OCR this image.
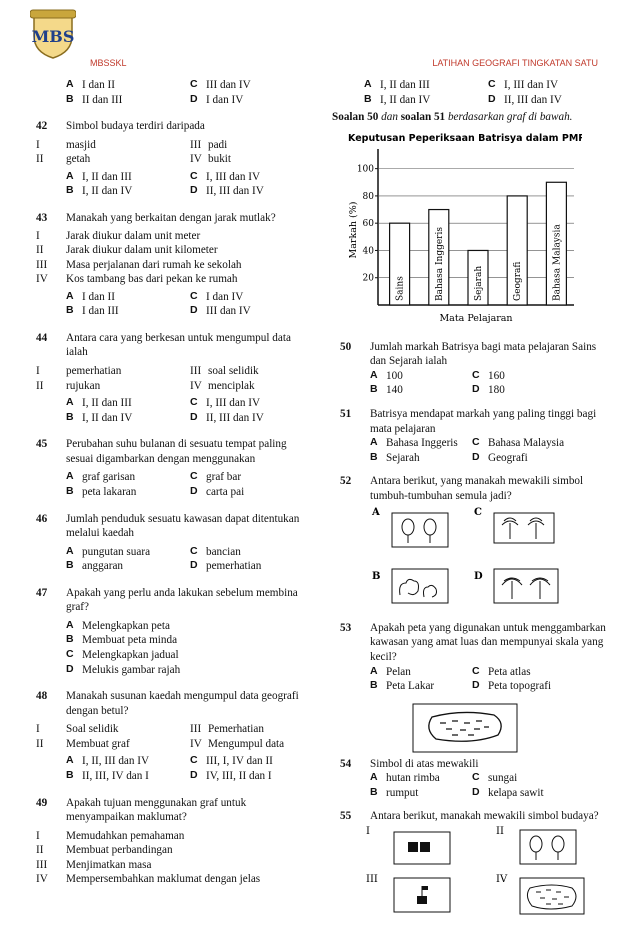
MBS
MBSSKL	LATIHAN GEOGRAFI TINGKATAN SATU
A I dan II	C III dan IV
B II dan III	D I dan IV
42 Simbol budaya terdiri daripada
I	masjid	III padi
II	getah	IV bukit
A I, II dan III	C I, III dan IV
B I, II dan IV	D II, III dan IV
43 Manakah yang berkaitan dengan jarak mutlak?
I	Jarak diukur dalam unit meter
II	Jarak diukur dalam unit kilometer
III	Masa perjalanan dari rumah ke sekolah
IV	Kos tambang bas dari pekan ke rumah
A I dan II	C I dan IV
B I dan III	D III dan IV
44 Antara cara yang berkesan untuk mengumpul data ialah
I	pemerhatian	III soal selidik
II	rujukan	IV menciplak
A I, II dan III	C I, III dan IV
B I, II dan IV	D II, III dan IV
45 Perubahan suhu bulanan di sesuatu tempat paling sesuai digambarkan dengan menggunakan
A graf garisan	C graf bar
B peta lakaran	D carta pai
46 Jumlah penduduk sesuatu kawasan dapat ditentukan melalui kaedah
A pungutan suara	C bancian
B anggaran	D pemerhatian
47 Apakah yang perlu anda lakukan sebelum membina graf?
A Melengkapkan peta
B Membuat peta minda
C Melengkapkan jadual
D Melukis gambar rajah
48 Manakah susunan kaedah mengumpul data geografi dengan betul?
I	Soal selidik	III Pemerhatian
II	Membuat graf	IV Mengumpul data
A I, II, III dan IV	C III, I, IV dan II
B II, III, IV dan I	D IV, III, II dan I
49 Apakah tujuan menggunakan graf untuk menyampaikan maklumat?
I	Memudahkan pemahaman
II	Membuat perbandingan
III	Menjimatkan masa
IV	Mempersembahkan maklumat dengan jelas
A I, II dan III	C I, III dan IV
B I, II dan IV	D II, III dan IV
Soalan 50 dan soalan 51 berdasarkan graf di bawah.
Keputusan Peperiksaan Batrisya dalam PMR
20
40
60
80
100
Markah (%)
Mata Pelajaran
Sains	Bahasa Inggeris	Sejarah	Geografi	Bahasa Malaysia
50 Jumlah markah Batrisya bagi mata pelajaran Sains dan Sejarah ialah
A 100	C 160
B 140	D 180
51 Batrisya mendapat markah yang paling tinggi bagi mata pelajaran
A Bahasa Inggeris C Bahasa Malaysia
B Sejarah	D Geografi
52 Antara berikut, yang manakah mewakili simbol tumbuh-tumbuhan semula jadi?
A	C
B	D
53 Apakah peta yang digunakan untuk menggambarkan kawasan yang amat luas dan mempunyai skala yang kecil?
A Pelan	C Peta atlas
B Peta Lakar	D Peta topografi
54 Simbol di atas mewakili
A hutan rimba	C sungai
B rumput	D kelapa sawit
55 Antara berikut, manakah mewakili simbol budaya?
I	II
III	IV
